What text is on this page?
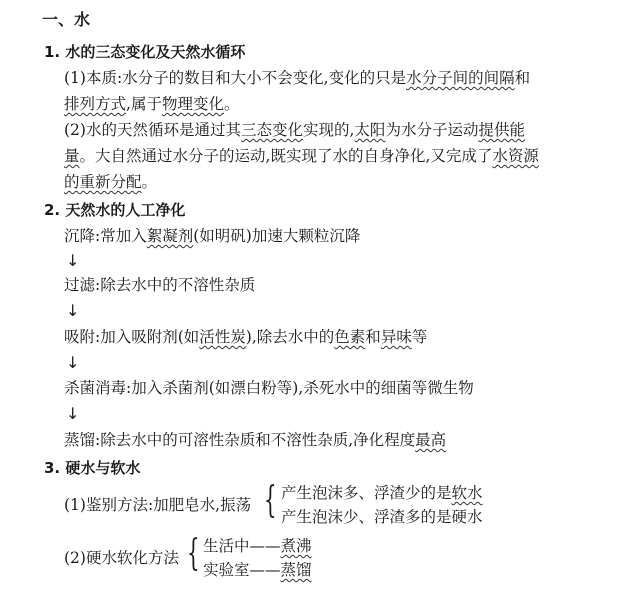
一、水
1. 水的三态变化及天然水循环
(1)本质:水分子的数目和大小不会变化,变化的只是水分子间的间隔和
排列方式,属于物理变化。
(2)水的天然循环是通过其三态变化实现的,太阳为水分子运动提供能
量。大自然通过水分子的运动,既实现了水的自身净化,又完成了水资源
的重新分配。
2. 天然水的人工净化
沉降:常加入絮凝剂(如明矾)加速大颗粒沉降
↓
过滤:除去水中的不溶性杂质
↓
吸附:加入吸附剂(如活性炭),除去水中的色素和异味等
↓
杀菌消毒:加入杀菌剂(如漂白粉等),杀死水中的细菌等微生物
↓
蒸馏:除去水中的可溶性杂质和不溶性杂质,净化程度最高
3. 硬水与软水
(1)鉴别方法:加肥皂水,振荡 { 产生泡沫多、浮渣少的是软水
产生泡沫少、浮渣多的是硬水
(2)硬水软化方法 { 生活中——煮沸
实验室——蒸馏
